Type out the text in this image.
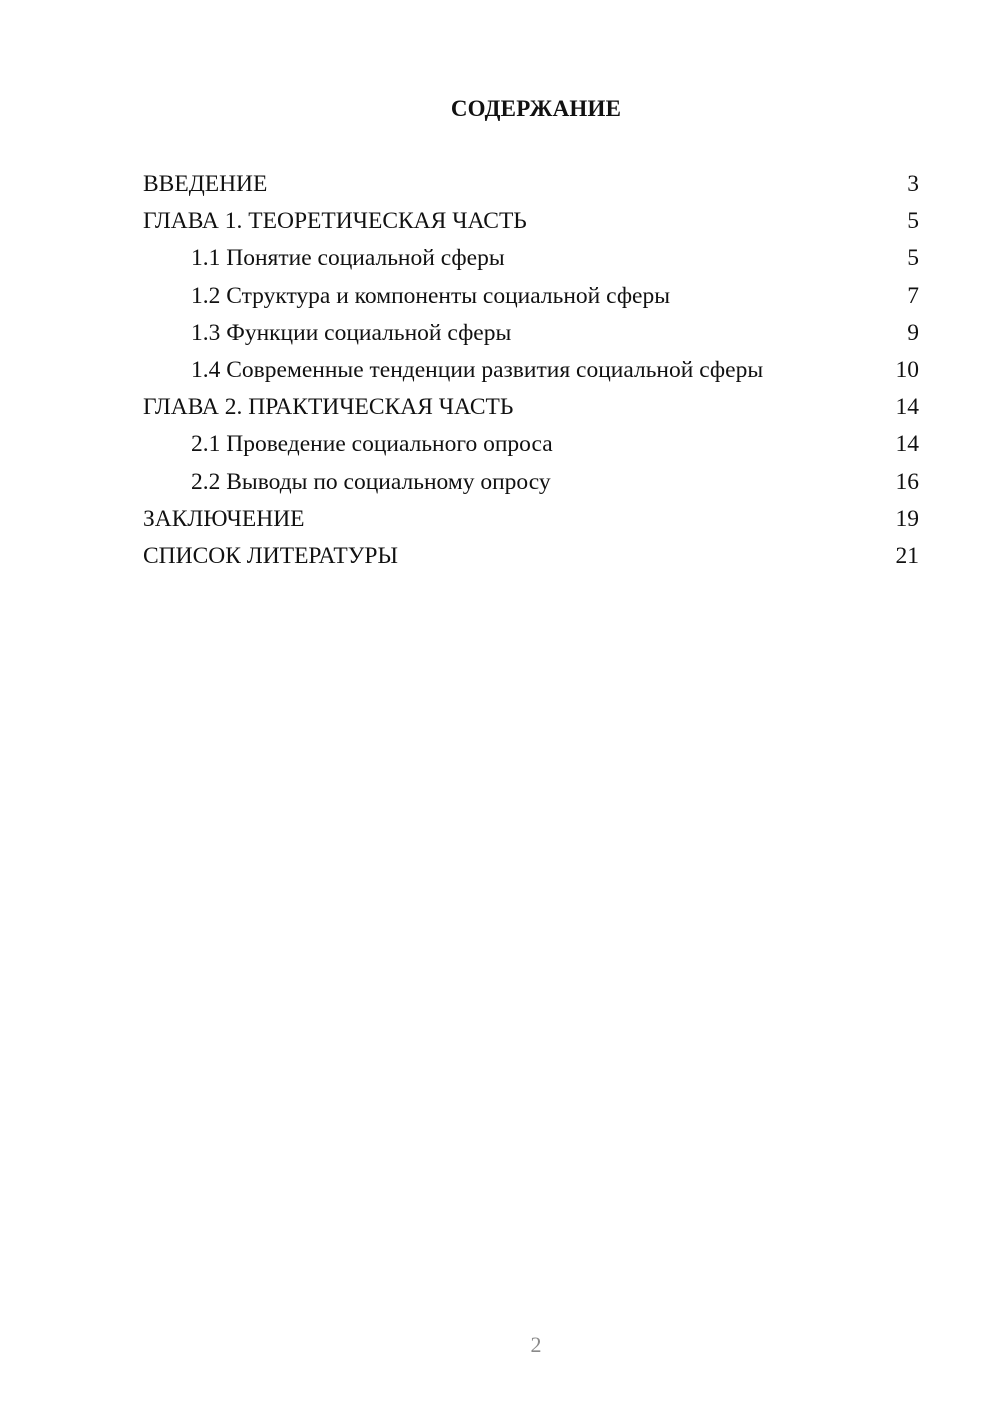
СОДЕРЖАНИЕ
ВВЕДЕНИЕ	3
ГЛАВА 1. ТЕОРЕТИЧЕСКАЯ ЧАСТЬ	5
1.1 Понятие социальной сферы	5
1.2 Структура и компоненты социальной сферы	7
1.3 Функции социальной сферы	9
1.4 Современные тенденции развития социальной сферы	10
ГЛАВА 2. ПРАКТИЧЕСКАЯ ЧАСТЬ	14
2.1 Проведение социального опроса	14
2.2 Выводы по социальному опросу	16
ЗАКЛЮЧЕНИЕ	19
СПИСОК ЛИТЕРАТУРЫ	21
2
